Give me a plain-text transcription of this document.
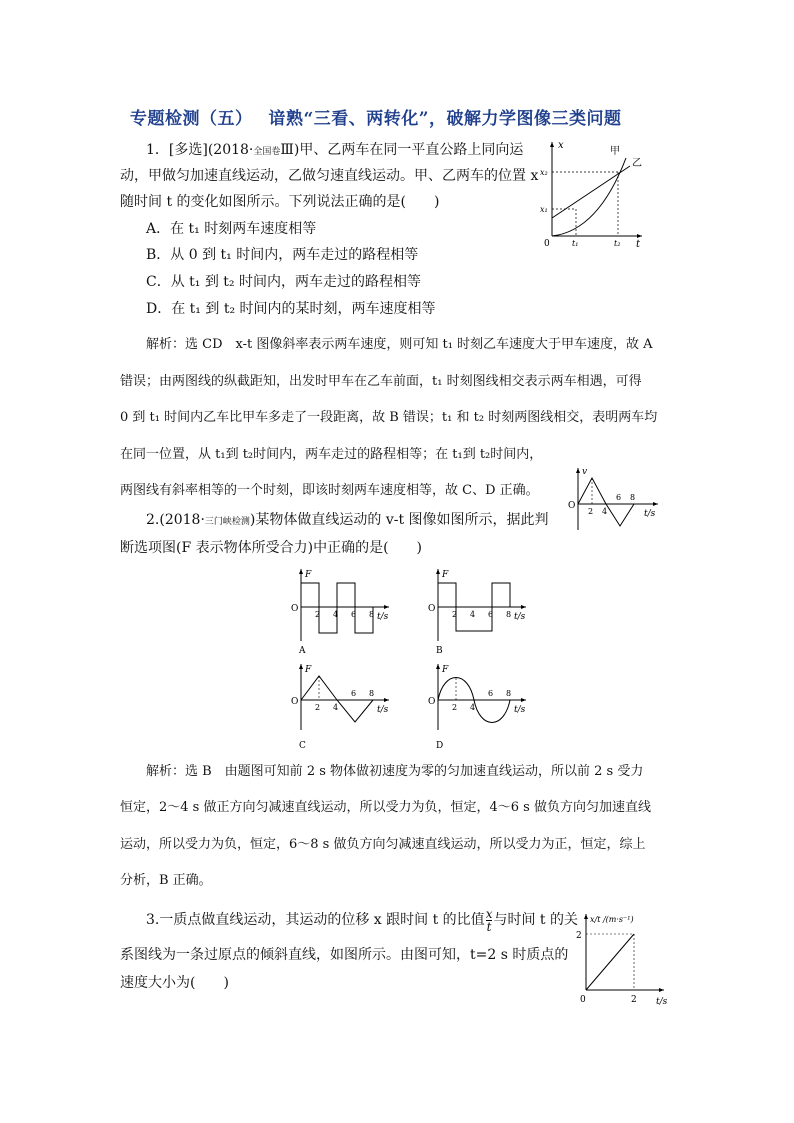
专题检测（五） 谙熟“三看、两转化”，破解力学图像三类问题
1．[多选](2018·全国卷Ⅲ)甲、乙两车在同一平直公路上同向运
动，甲做匀加速直线运动，乙做匀速直线运动。甲、乙两车的位置 x
随时间 t 的变化如图所示。下列说法正确的是(　　)
A．在 t₁ 时刻两车速度相等
B．从 0 到 t₁ 时间内，两车走过的路程相等
C．从 t₁ 到 t₂ 时间内，两车走过的路程相等
D．在 t₁ 到 t₂ 时间内的某时刻，两车速度相等
x
t
0	t₁	t₂
x₁
x₂
甲
乙
解析：选 CD　x-t 图像斜率表示两车速度，则可知 t₁ 时刻乙车速度大于甲车速度，故 A
错误；由两图线的纵截距知，出发时甲车在乙车前面，t₁ 时刻图线相交表示两车相遇，可得
0 到 t₁ 时间内乙车比甲车多走了一段距离，故 B 错误；t₁ 和 t₂ 时刻两图线相交，表明两车均
在同一位置，从 t₁到 t₂时间内，两车走过的路程相等；在 t₁到 t₂时间内，
两图线有斜率相等的一个时刻，即该时刻两车速度相等，故 C、D 正确。
v
O
2 4
6 8
t/s
2.(2018·三门峡检测)某物体做直线运动的 v-t 图像如图所示，据此判
断选项图(F 表示物体所受合力)中正确的是(　　)
F
O
2 4 6 8 t/s
A
F
O
2 4 6 8 t/s
B
F
O
2 4
6 8
t/s
C
F
O
2 4
6 8
t/s
D
解析：选 B　由题图可知前 2 s 物体做初速度为零的匀加速直线运动，所以前 2 s 受力
恒定，2～4 s 做正方向匀减速直线运动，所以受力为负，恒定，4～6 s 做负方向匀加速直线
运动，所以受力为负，恒定，6～8 s 做负方向匀减速直线运动，所以受力为正，恒定，综上
分析，B 正确。
3.一质点做直线运动，其运动的位移 x 跟时间 t 的比值 $\frac{x}{t}$ 与时间 t 的关
系图线为一条过原点的倾斜直线，如图所示。由图可知，t=2 s 时质点的
速度大小为(　　)
x/t /(m·s⁻¹)
0	2
2
t/s
